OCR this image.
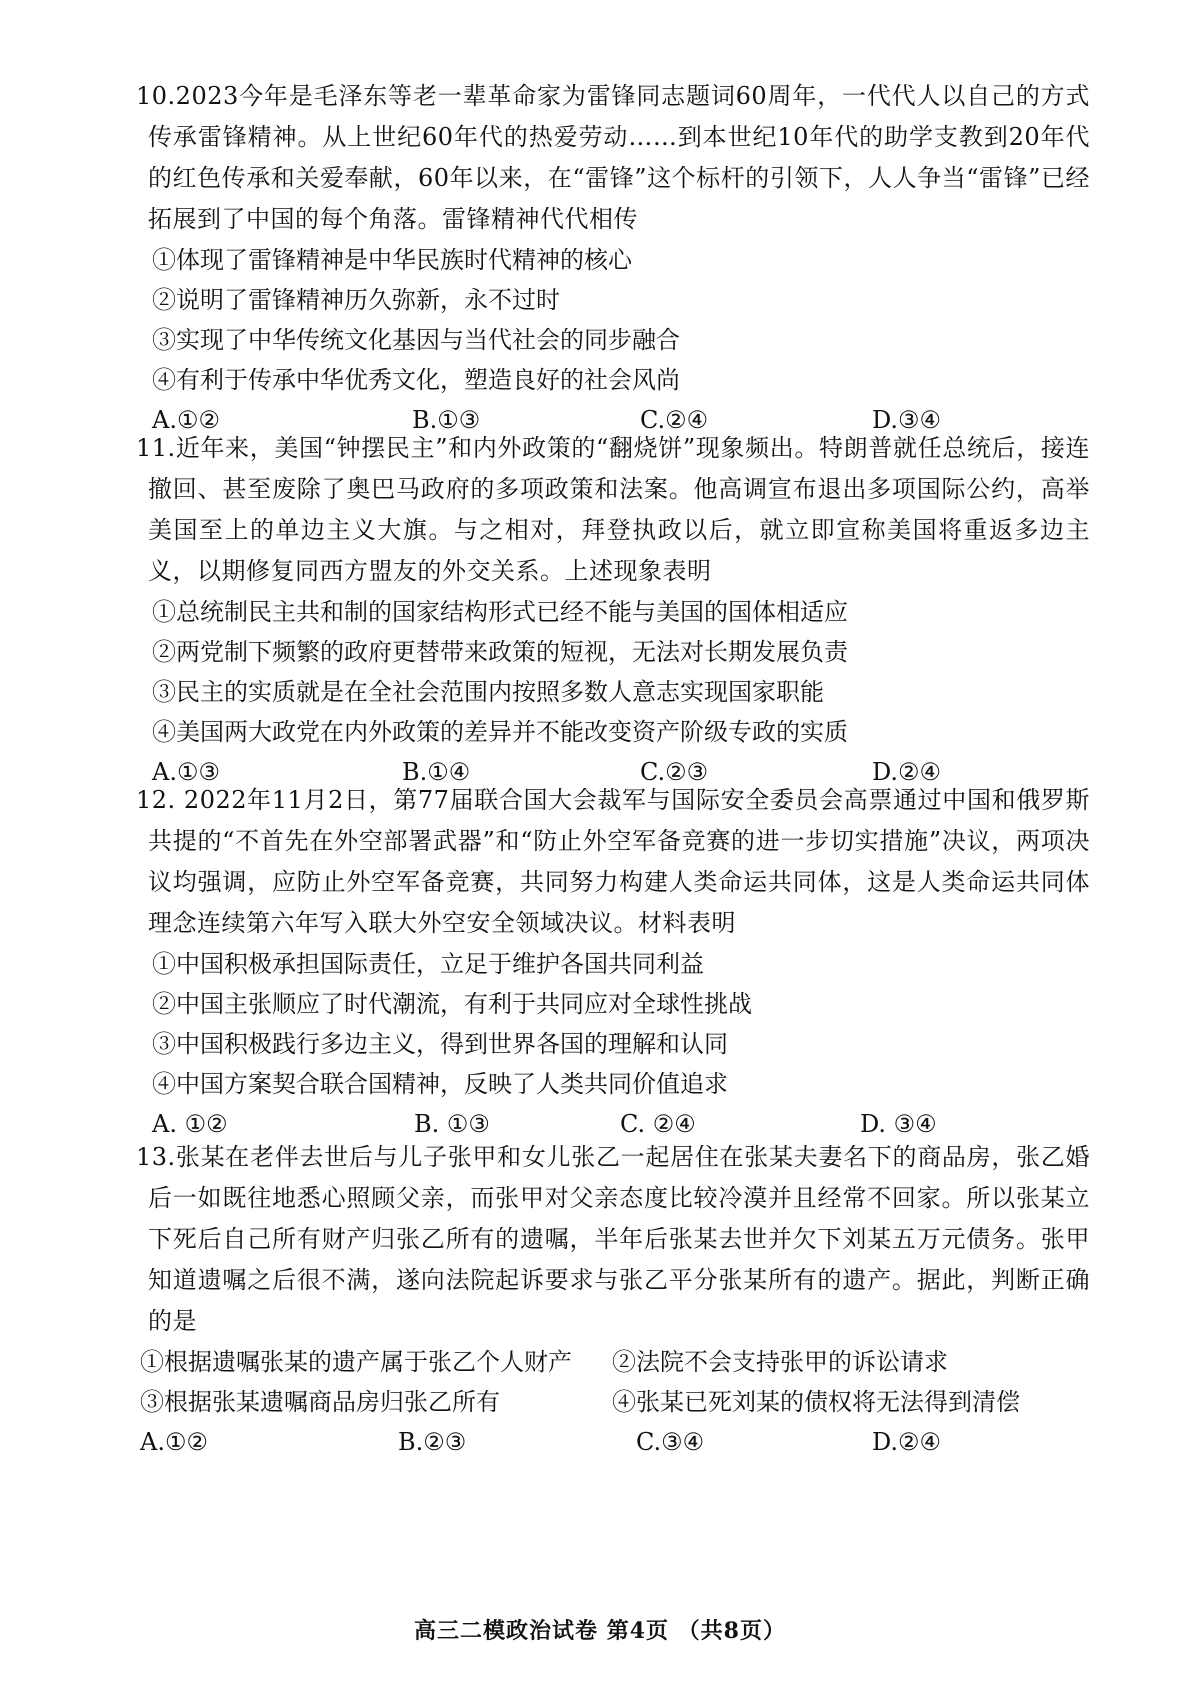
10.2023今年是毛泽东等老一辈革命家为雷锋同志题词60周年，一代代人以自己的方式传承雷锋精神。从上世纪60年代的热爱劳动……到本世纪10年代的助学支教到20年代的红色传承和关爱奉献，60年以来，在“雷锋”这个标杆的引领下，人人争当“雷锋”已经拓展到了中国的每个角落。雷锋精神代代相传

①体现了雷锋精神是中华民族时代精神的核心

②说明了雷锋精神历久弥新，永不过时

③实现了中华传统文化基因与当代社会的同步融合

④有利于传承中华优秀文化，塑造良好的社会风尚

A.①②	B.①③	C.②④	D.③④

11.近年来，美国“钟摆民主”和内外政策的“翻烧饼”现象频出。特朗普就任总统后，接连撤回、甚至废除了奥巴马政府的多项政策和法案。他高调宣布退出多项国际公约，高举美国至上的单边主义大旗。与之相对，拜登执政以后，就立即宣称美国将重返多边主义，以期修复同西方盟友的外交关系。上述现象表明

①总统制民主共和制的国家结构形式已经不能与美国的国体相适应

②两党制下频繁的政府更替带来政策的短视，无法对长期发展负责

③民主的实质就是在全社会范围内按照多数人意志实现国家职能

④美国两大政党在内外政策的差异并不能改变资产阶级专政的实质

A.①③	B.①④	C.②③	D.②④

12. 2022年11月2日，第77届联合国大会裁军与国际安全委员会高票通过中国和俄罗斯共提的“不首先在外空部署武器”和“防止外空军备竞赛的进一步切实措施”决议，两项决议均强调，应防止外空军备竞赛，共同努力构建人类命运共同体，这是人类命运共同体理念连续第六年写入联大外空安全领域决议。材料表明

①中国积极承担国际责任，立足于维护各国共同利益

②中国主张顺应了时代潮流，有利于共同应对全球性挑战

③中国积极践行多边主义，得到世界各国的理解和认同

④中国方案契合联合国精神，反映了人类共同价值追求

A. ①②	B. ①③	C. ②④	D. ③④

13.张某在老伴去世后与儿子张甲和女儿张乙一起居住在张某夫妻名下的商品房，张乙婚后一如既往地悉心照顾父亲，而张甲对父亲态度比较冷漠并且经常不回家。所以张某立下死后自己所有财产归张乙所有的遗嘱，半年后张某去世并欠下刘某五万元债务。张甲知道遗嘱之后很不满，遂向法院起诉要求与张乙平分张某所有的遗产。据此，判断正确的是

①根据遗嘱张某的遗产属于张乙个人财产 ②法院不会支持张甲的诉讼请求
③根据张某遗嘱商品房归张乙所有	④张某已死刘某的债权将无法得到清偿
A.①②	B.②③	C.③④	D.②④
高三二模政治试卷 第4页 （共8页）
